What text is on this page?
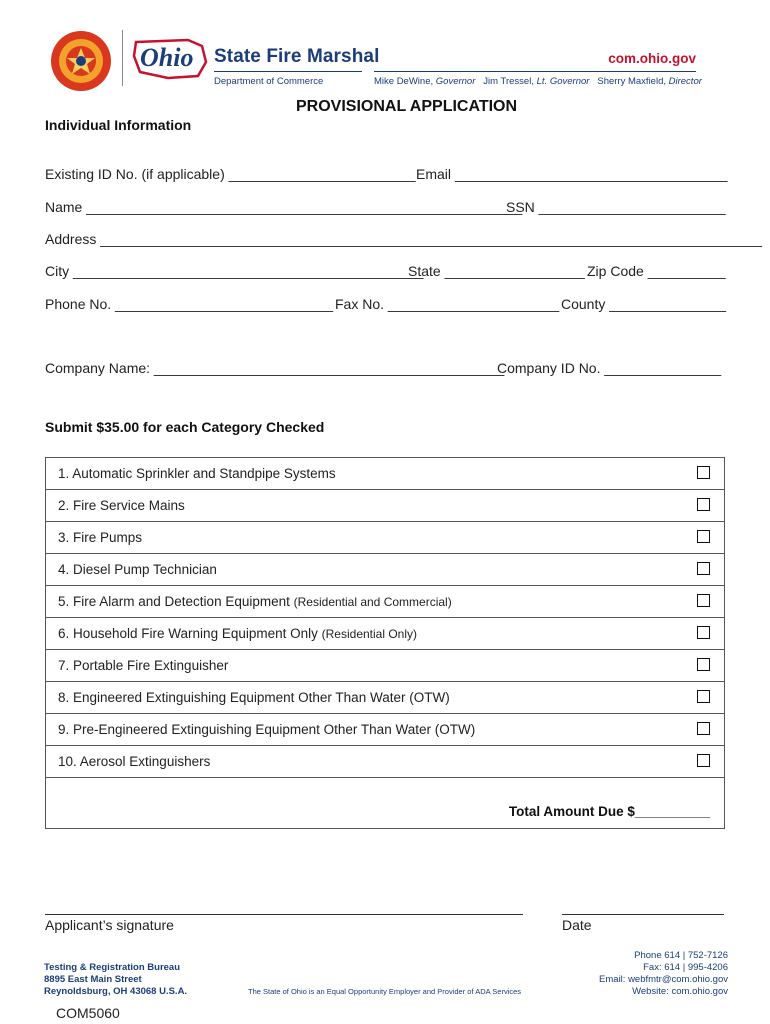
Ohio State Fire Marshal
Department of Commerce
com.ohio.gov
Mike DeWine, Governor Jim Tressel, Lt. Governor Sherry Maxfield, Director
PROVISIONAL APPLICATION
Individual Information
Existing ID No. (if applicable) ________________________ Email ___________________________________
Name ________________________________________________________
SSN ________________________
Address _____________________________________________________________________________________
City _____________________________________________
State __________________ Zip Code __________
Phone No. ____________________________ Fax No. ______________________ County _______________
Company Name: _____________________________________________
Company ID No. _______________
Submit $35.00 for each Category Checked
1. Automatic Sprinkler and Standpipe Systems
2. Fire Service Mains
3. Fire Pumps
4. Diesel Pump Technician
5. Fire Alarm and Detection Equipment (Residential and Commercial)
6. Household Fire Warning Equipment Only (Residential Only)
7. Portable Fire Extinguisher
8. Engineered Extinguishing Equipment Other Than Water (OTW)
9. Pre-Engineered Extinguishing Equipment Other Than Water (OTW)
10. Aerosol Extinguishers
Total Amount Due $__________
Applicant’s signature	Date
Testing & Registration Bureau
8895 East Main Street
Reynoldsburg, OH 43068 U.S.A.	The State of Ohio is an Equal Opportunity Employer and Provider of ADA Services
Phone 614 | 752-7126
Fax: 614 | 995-4206
Email: webfmtr@com.ohio.gov
Website: com.ohio.gov
COM5060
